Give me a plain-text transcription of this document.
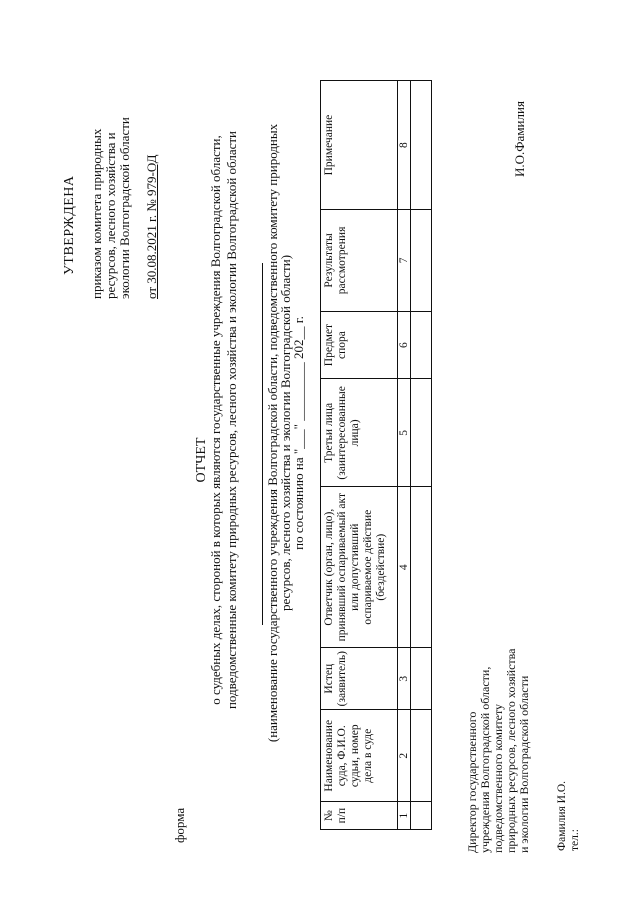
УТВЕРЖДЕНА приказом комитета природных ресурсов, лесного хозяйства и экологии Волгоградской области от 30.08.2021 г. № 979-ОД
форма
ОТЧЕТ о судебных делах, стороной в которых являются государственные учреждения Волгоградской области, подведомственные комитету природных ресурсов, лесного хозяйства и экологии Волгоградской области (наименование государственного учреждения Волгоградской области, подведомственного комитету природных
ресурсов, лесного хозяйства и экологии Волгоградской области)
по состоянию на "___" _________ 202__ г.
№ п/п	Наименование суда, Ф.И.О. судьи, номер дела в суде	Истец (заявитель)	Ответчик (орган, лицо), принявший оспариваемый акт или допустивший оспариваемое действие (бездействие)	Третьи лица (заинтересованные лица)	Предмет спора	Результаты рассмотрения	Примечание
1	2	3	4	5	6	7	8

Директор государственного учреждения Волгоградской области, подведомственного комитету природных ресурсов, лесного хозяйства и экологии Волгоградской области
И.О.Фамилия
Фамилия И.О. тел.:
